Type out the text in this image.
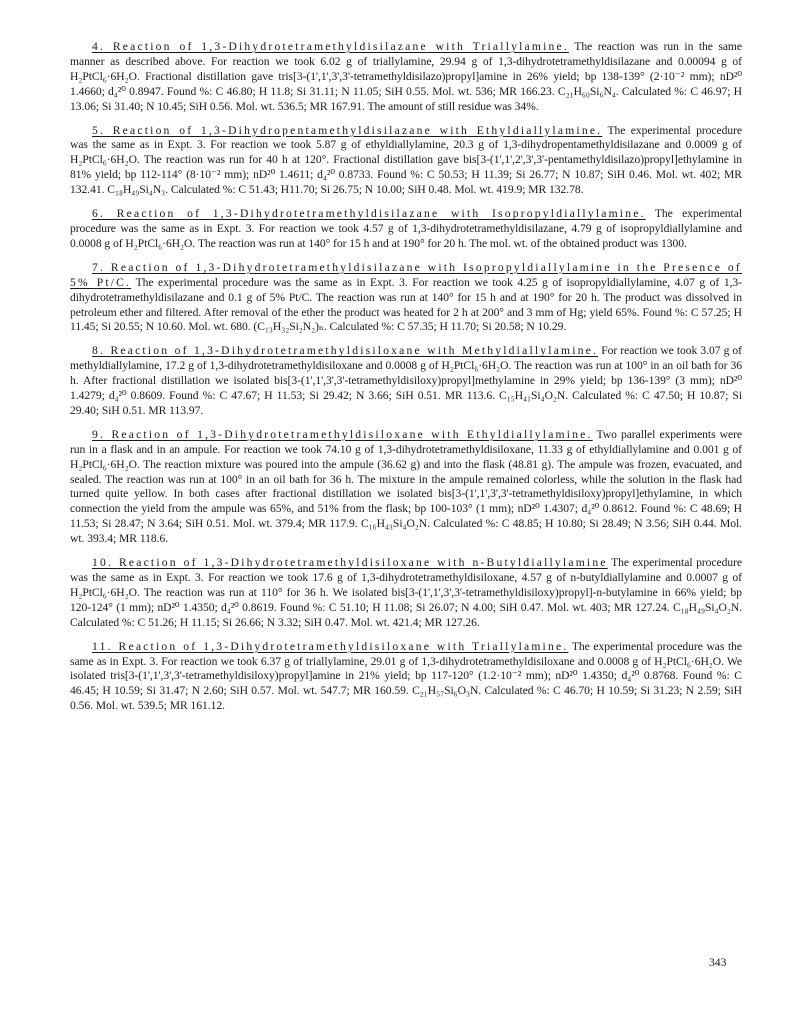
4. Reaction of 1,3-Dihydrotetramethyldisilazane with Triallylamine. The reaction was run in the same manner as described above. For reaction we took 6.02 g of triallylamine, 29.94 g of 1,3-dihydrotetramethyldisilazane and 0.00094 g of H₂PtCl₆·6H₂O. Fractional distillation gave tris[3-(1',1',3',3'-tetramethyldisilazo)propyl]amine in 26% yield; bp 138-139° (2·10⁻² mm); nD²⁰ 1.4660; d₄²⁰ 0.8947. Found %: C 46.80; H 11.8; Si 31.11; N 11.05; SiH 0.55. Mol. wt. 536; MR 166.23. C₂₁H₆₀Si₆N₄. Calculated %: C 46.97; H 13.06; Si 31.40; N 10.45; SiH 0.56. Mol. wt. 536.5; MR 167.91. The amount of still residue was 34%.

5. Reaction of 1,3-Dihydropentamethyldisilazane with Ethyldiallylamine. The experimental procedure was the same as in Expt. 3. For reaction we took 5.87 g of ethyldiallylamine, 20.3 g of 1,3-dihydropentamethyldisilazane and 0.0009 g of H₂PtCl₆·6H₂O. The reaction was run for 40 h at 120°. Fractional distillation gave bis[3-(1',1',2',3',3'-pentamethyldisilazo)propyl]ethylamine in 81% yield; bp 112-114° (8·10⁻² mm); nD²⁰ 1.4611; d₄²⁰ 0.8733. Found %: C 50.53; H 11.39; Si 26.77; N 10.87; SiH 0.46. Mol. wt. 402; MR 132.41. C₁₈H₄₉Si₄N₃. Calculated %: C 51.43; H11.70; Si 26.75; N 10.00; SiH 0.48. Mol. wt. 419.9; MR 132.78.

6. Reaction of 1,3-Dihydrotetramethyldisilazane with Isopropyldiallylamine. The experimental procedure was the same as in Expt. 3. For reaction we took 4.57 g of 1,3-dihydrotetramethyldisilazane, 4.79 g of isopropyldiallylamine and 0.0008 g of H₂PtCl₆·6H₂O. The reaction was run at 140° for 15 h and at 190° for 20 h. The mol. wt. of the obtained product was 1300.

7. Reaction of 1,3-Dihydrotetramethyldisilazane with Isopropyldiallylamine in the Presence of 5% Pt/C. The experimental procedure was the same as in Expt. 3. For reaction we took 4.25 g of isopropyldiallylamine, 4.07 g of 1,3-dihydrotetramethyldisilazane and 0.1 g of 5% Pt/C. The reaction was run at 140° for 15 h and at 190° for 20 h. The product was dissolved in petroleum ether and filtered. After removal of the ether the product was heated for 2 h at 200° and 3 mm of Hg; yield 65%. Found %: C 57.25; H 11.45; Si 20.55; N 10.60. Mol. wt. 680. (C₁₃H₃₂Si₂N₂)ₙ. Calculated %: C 57.35; H 11.70; Si 20.58; N 10.29.

8. Reaction of 1,3-Dihydrotetramethyldisiloxane with Methyldiallylamine. For reaction we took 3.07 g of methyldiallylamine, 17.2 g of 1,3-dihydrotetramethyldisiloxane and 0.0008 g of H₂PtCl₆·6H₂O. The reaction was run at 100° in an oil bath for 36 h. After fractional distillation we isolated bis[3-(1',1',3',3'-tetramethyldisiloxy)propyl]methylamine in 29% yield; bp 136-139° (3 mm); nD²⁰ 1.4279; d₄²⁰ 0.8609. Found %: C 47.67; H 11.53; Si 29.42; N 3.66; SiH 0.51. MR 113.6. C₁₅H₄₁Si₄O₂N. Calculated %: C 47.50; H 10.87; Si 29.40; SiH 0.51. MR 113.97.

9. Reaction of 1,3-Dihydrotetramethyldisiloxane with Ethyldiallylamine. Two parallel experiments were run in a flask and in an ampule. For reaction we took 74.10 g of 1,3-dihydrotetramethyldisiloxane, 11.33 g of ethyldiallylamine and 0.001 g of H₂PtCl₆·6H₂O. The reaction mixture was poured into the ampule (36.62 g) and into the flask (48.81 g). The ampule was frozen, evacuated, and sealed. The reaction was run at 100° in an oil bath for 36 h. The mixture in the ampule remained colorless, while the solution in the flask had turned quite yellow. In both cases after fractional distillation we isolated bis[3-(1',1',3',3'-tetramethyldisiloxy)propyl]ethylamine, in which connection the yield from the ampule was 65%, and 51% from the flask; bp 100-103° (1 mm); nD²⁰ 1.4307; d₄²⁰ 0.8612. Found %: C 48.69; H 11.53; Si 28.47; N 3.64; SiH 0.51. Mol. wt. 379.4; MR 117.9. C₁₆H₄₃Si₄O₂N. Calculated %: C 48.85; H 10.80; Si 28.49; N 3.56; SiH 0.44. Mol. wt. 393.4; MR 118.6.

10. Reaction of 1,3-Dihydrotetramethyldisiloxane with n-Butyldiallylamine The experimental procedure was the same as in Expt. 3. For reaction we took 17.6 g of 1,3-dihydrotetramethyldisiloxane, 4.57 g of n-butyldiallylamine and 0.0007 g of H₂PtCl₆·6H₂O. The reaction was run at 110° for 36 h. We isolated bis[3-(1',1',3',3'-tetramethyldisiloxy)propyl]-n-butylamine in 66% yield; bp 120-124° (1 mm); nD²⁰ 1.4350; d₄²⁰ 0.8619. Found %: C 51.10; H 11.08; Si 26.07; N 4.00; SiH 0.47. Mol. wt. 403; MR 127.24. C₁₈H₄₉Si₄O₂N. Calculated %: C 51.26; H 11.15; Si 26.66; N 3.32; SiH 0.47. Mol. wt. 421.4; MR 127.26.

11. Reaction of 1,3-Dihydrotetramethyldisiloxane with Triallylamine. The experimental procedure was the same as in Expt. 3. For reaction we took 6.37 g of triallylamine, 29.01 g of 1,3-dihydrotetramethyldisiloxane and 0.0008 g of H₂PtCl₆·6H₂O. We isolated tris[3-(1',1',3',3'-tetramethyldisiloxy)propyl]amine in 21% yield; bp 117-120° (1.2·10⁻² mm); nD²⁰ 1.4350; d₄²⁰ 0.8768. Found %: C 46.45; H 10.59; Si 31.47; N 2.60; SiH 0.57. Mol. wt. 547.7; MR 160.59. C₂₁H₅₇Si₆O₃N. Calculated %: C 46.70; H 10.59; Si 31.23; N 2.59; SiH 0.56. Mol. wt. 539.5; MR 161.12.

343
